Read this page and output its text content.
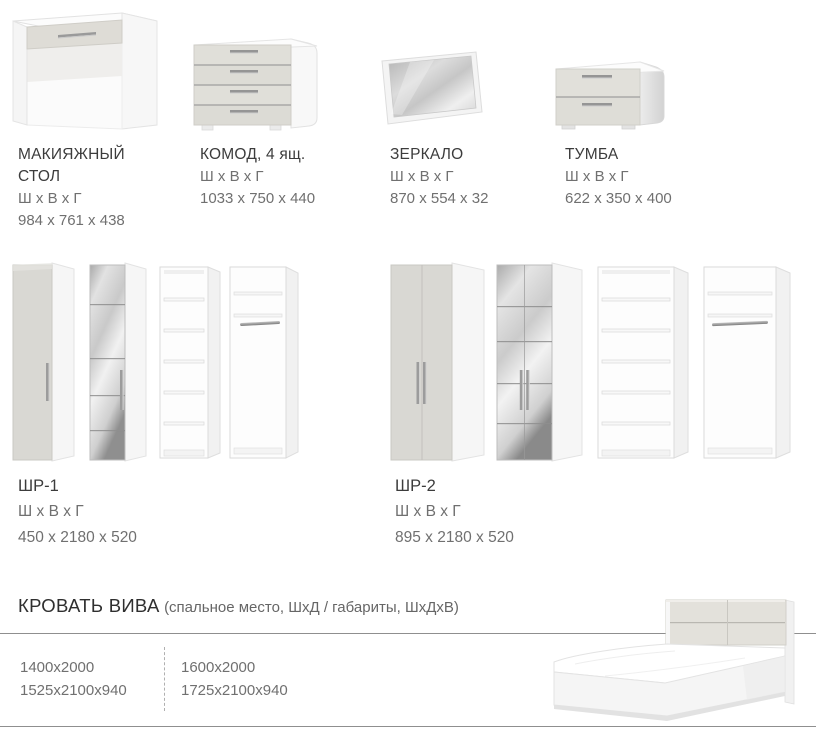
МАКИЯЖНЫЙ СТОЛ
Ш х В х Г
984 х 761 х 438
КОМОД, 4 ящ.
Ш х В х Г
1033 х 750 х 440
ЗЕРКАЛО
Ш х В х Г
870 х 554 х 32
ТУМБА
Ш х В х Г
622 х 350 х 400
ШР-1
Ш х В х Г
450 х 2180 х 520
ШР-2
Ш х В х Г
895 х 2180 х 520
КРОВАТЬ ВИВА (спальное место, ШхД / габариты, ШхДхВ)
1400x2000
1525x2100x940
1600x2000
1725x2100x940
